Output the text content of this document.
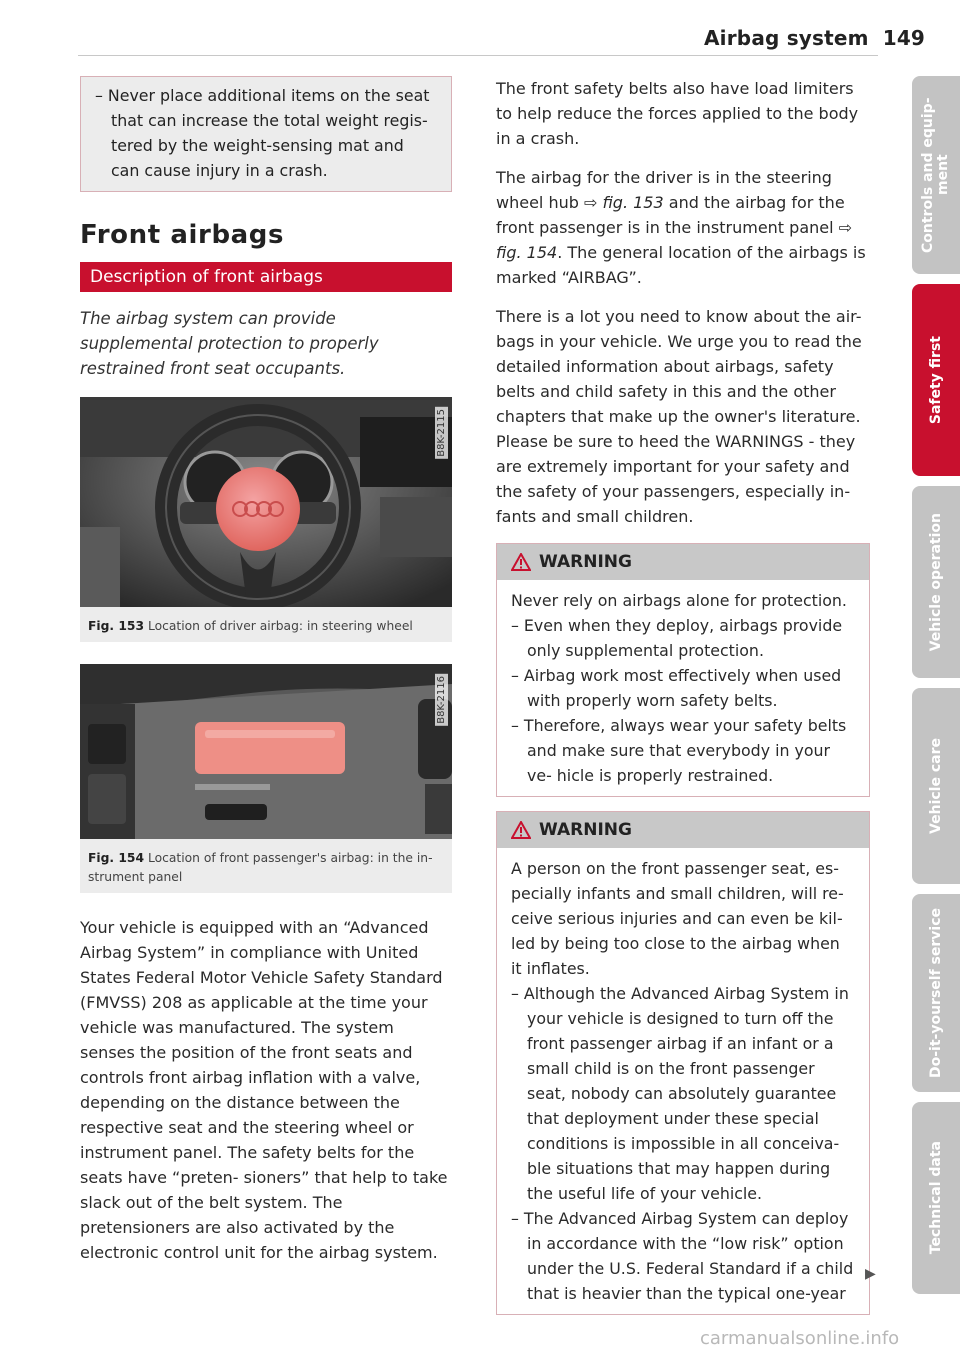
Airbag system 149

– Never place additional items on the seat that can increase the total weight regis- tered by the weight-sensing mat and can cause injury in a crash.

Front airbags
Description of front airbags

The airbag system can provide supplemental protection to properly restrained front seat occupants.

B8K-2115
Fig. 153 Location of driver airbag: in steering wheel
B8K-2116
Fig. 154 Location of front passenger's airbag: in the in- strument panel

Your vehicle is equipped with an “Advanced Airbag System” in compliance with United States Federal Motor Vehicle Safety Standard (FMVSS) 208 as applicable at the time your vehicle was manufactured. The system senses the position of the front seats and controls front airbag inflation with a valve, depending on the distance between the respective seat and the steering wheel or instrument panel. The safety belts for the seats have “preten- sioners” that help to take slack out of the belt system. The pretensioners are also activated by the electronic control unit for the airbag system.

The front safety belts also have load limiters to help reduce the forces applied to the body in a crash.

The airbag for the driver is in the steering wheel hub ⇨ fig. 153 and the airbag for the front passenger is in the instrument panel ⇨ fig. 154. The general location of the airbags is marked “AIRBAG”.

There is a lot you need to know about the air- bags in your vehicle. We urge you to read the detailed information about airbags, safety belts and child safety in this and the other chapters that make up the owner's literature. Please be sure to heed the WARNINGS - they are extremely important for your safety and the safety of your passengers, especially in- fants and small children.

WARNING

Never rely on airbags alone for protection.

– Even when they deploy, airbags provide only supplemental protection.

– Airbag work most effectively when used with properly worn safety belts.

– Therefore, always wear your safety belts and make sure that everybody in your ve- hicle is properly restrained.

WARNING

A person on the front passenger seat, es- pecially infants and small children, will re- ceive serious injuries and can even be kil- led by being too close to the airbag when it inflates.

– Although the Advanced Airbag System in your vehicle is designed to turn off the front passenger airbag if an infant or a small child is on the front passenger seat, nobody can absolutely guarantee that deployment under these special conditions is impossible in all conceiva- ble situations that may happen during the useful life of your vehicle.

– The Advanced Airbag System can deploy in accordance with the “low risk” option under the U.S. Federal Standard if a child that is heavier than the typical one-year

▶
Controls and equip- ment
Safety first
Vehicle operation
Vehicle care
Do-it-yourself service
Technical data
carmanualsonline.info
